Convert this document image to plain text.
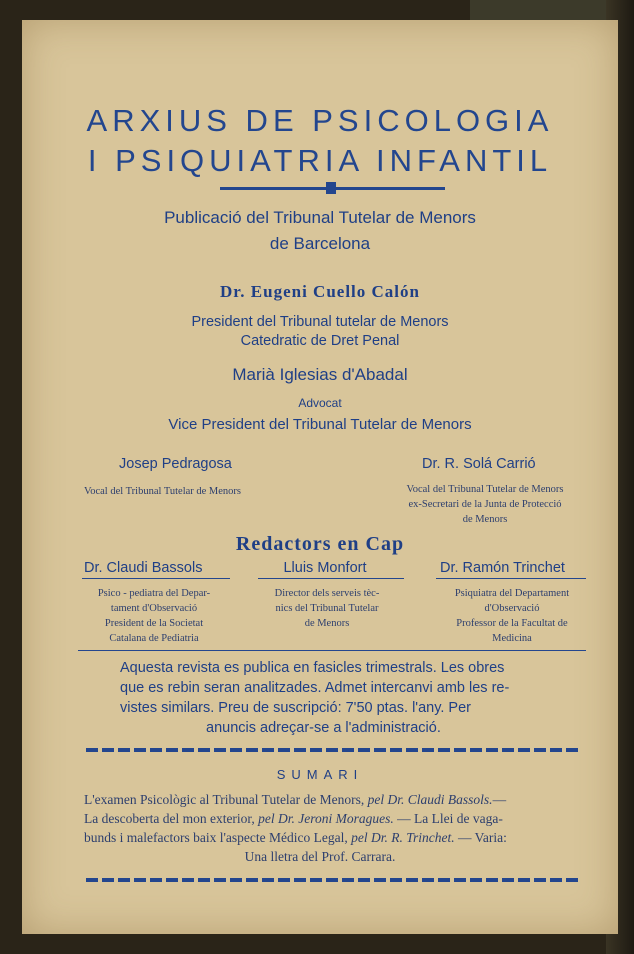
ARXIUS DE PSICOLOGIA
I PSIQUIATRIA INFANTIL
Publicació del Tribunal Tutelar de Menors
de Barcelona
Dr. Eugeni Cuello Calón
President del Tribunal tutelar de Menors
Catedratic de Dret Penal
Marià Iglesias d'Abadal
Advocat
Vice President del Tribunal Tutelar de Menors
Josep Pedragosa
Vocal del Tribunal Tutelar de Menors
Dr. R. Solá Carrió
Vocal del Tribunal Tutelar de Menors
ex-Secretari de la Junta de Protecció
de Menors
Redactors en Cap
Dr. Claudi Bassols
Psico - pediatra del Depar-
tament d'Observació
President de la Societat
Catalana de Pediatria
Lluis Monfort
Director dels serveis tèc-
nics del Tribunal Tutelar
de Menors
Dr. Ramón Trinchet
Psiquiatra del Departament
d'Observació
Professor de la Facultat de
Medicina
Aquesta revista es publica en fasicles trimestrals. Les obres
que es rebin seran analitzades. Admet intercanvi amb les re-
vistes similars. Preu de suscripció: 7'50 ptas. l'any. Per
anuncis adreçar-se a l'administració.
SUMARI
L'examen Psicològic al Tribunal Tutelar de Menors, pel Dr. Claudi Bassols.—
La descoberta del mon exterior, pel Dr. Jeroni Moragues. — La Llei de vaga-
bunds i malefactors baix l'aspecte Médico Legal, pel Dr. R. Trinchet. — Varia:
Una lletra del Prof. Carrara.
